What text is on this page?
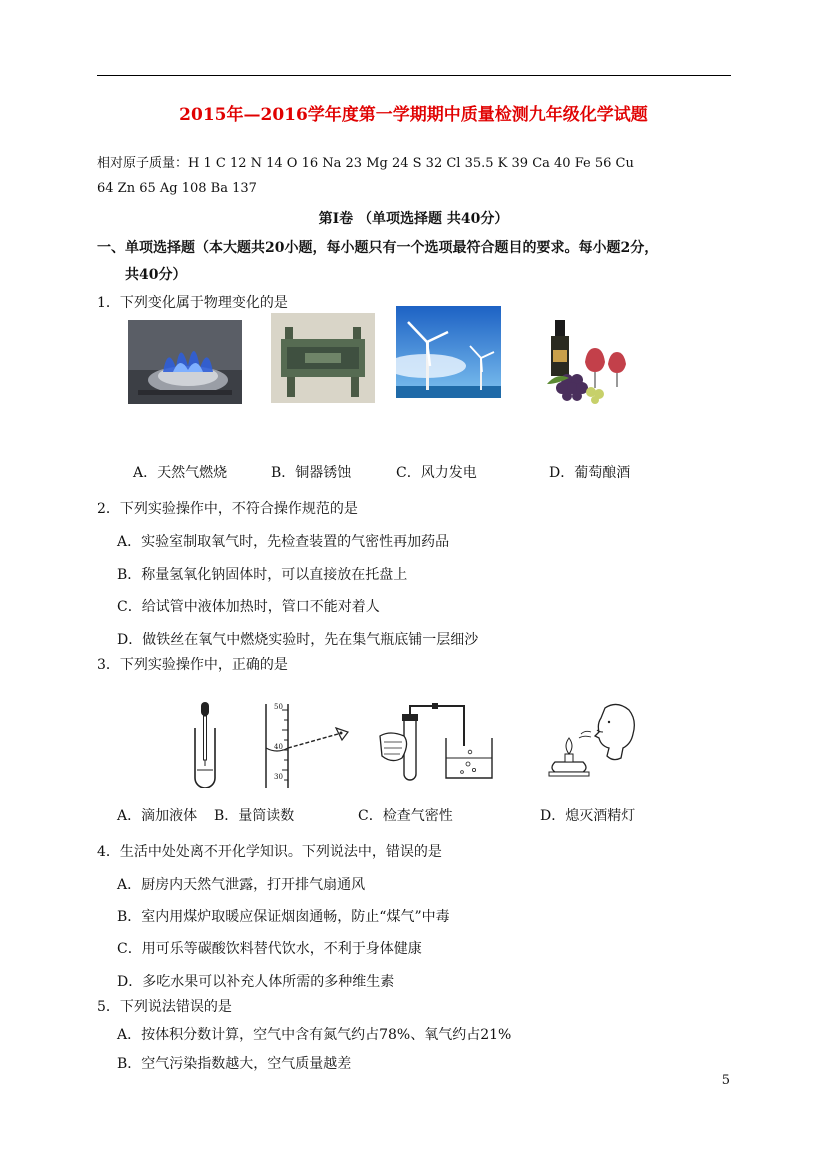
2015年—2016学年度第一学期期中质量检测九年级化学试题
相对原子质量：H 1 C 12 N 14 O 16 Na 23 Mg 24 S 32 Cl 35.5 K 39 Ca 40 Fe 56 Cu
64 Zn 65 Ag 108 Ba 137
第Ⅰ卷 （单项选择题 共40分）
一、单项选择题（本大题共20小题，每小题只有一个选项最符合题目的要求。每小题2分，
共40分）
1．下列变化属于物理变化的是
A．天然气燃烧	B．铜器锈蚀	C．风力发电	D．葡萄酿酒
2．下列实验操作中，不符合操作规范的是
A．实验室制取氧气时，先检查装置的气密性再加药品
B．称量氢氧化钠固体时，可以直接放在托盘上
C．给试管中液体加热时，管口不能对着人
D．做铁丝在氧气中燃烧实验时，先在集气瓶底铺一层细沙
3．下列实验操作中，正确的是
50
40
30
A．滴加液体 B．量筒读数	C．检查气密性	D．熄灭酒精灯
4．生活中处处离不开化学知识。下列说法中，错误的是
A．厨房内天然气泄露，打开排气扇通风
B．室内用煤炉取暖应保证烟囱通畅，防止“煤气”中毒
C．用可乐等碳酸饮料替代饮水，不利于身体健康
D．多吃水果可以补充人体所需的多种维生素
5．下列说法错误的是
A．按体积分数计算，空气中含有氮气约占78%、氧气约占21%
B．空气污染指数越大，空气质量越差
5
